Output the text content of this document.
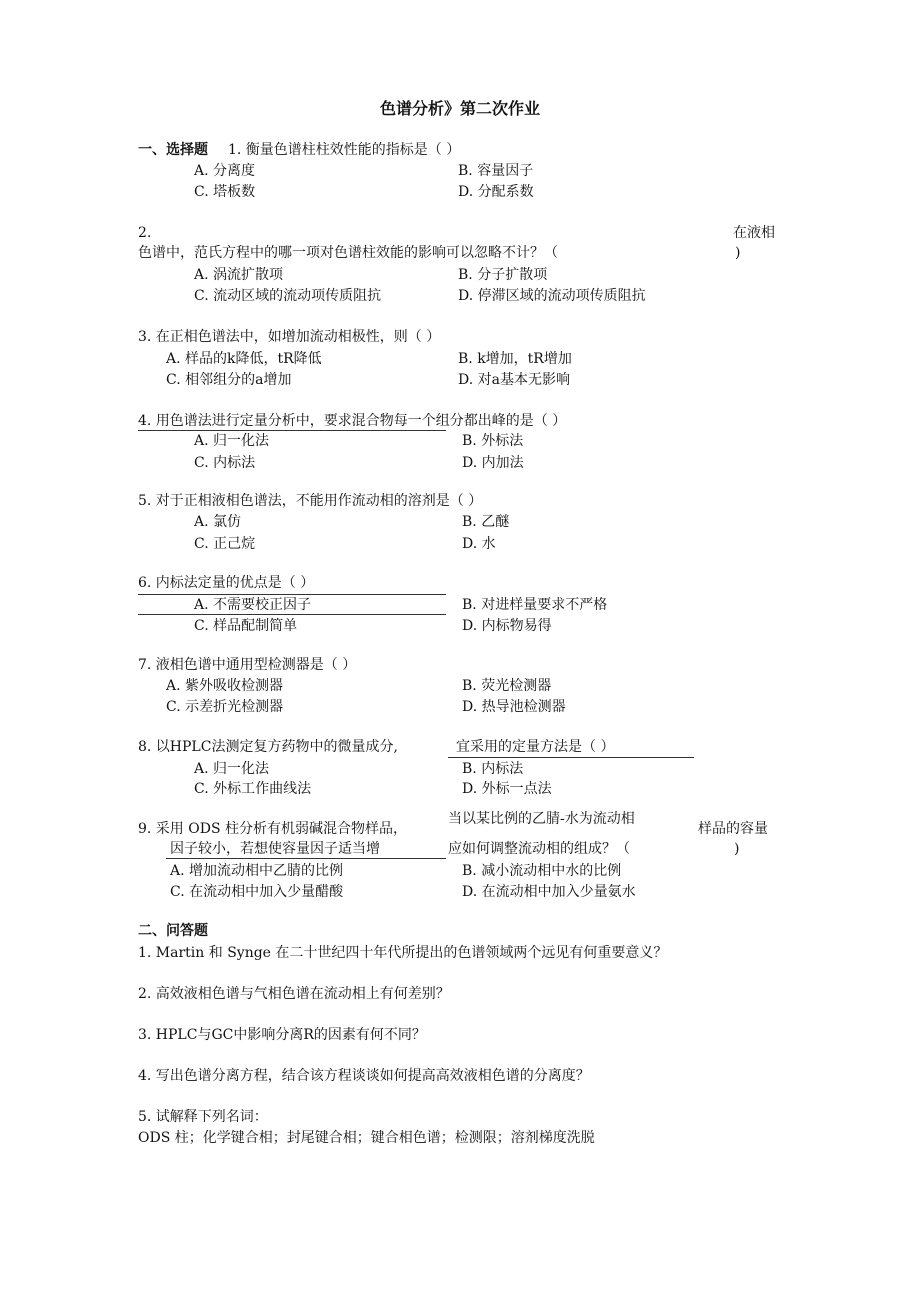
色谱分析》第二次作业
一、选择题 1. 衡量色谱柱柱效性能的指标是（ ）
A. 分离度	B. 容量因子
C. 塔板数	D. 分配系数
2.	在液相
色谱中，范氏方程中的哪一项对色谱柱效能的影响可以忽略不计？（	)
A. 涡流扩散项	B. 分子扩散项
C. 流动区域的流动项传质阻抗	D. 停滞区域的流动项传质阻抗
3. 在正相色谱法中，如增加流动相极性，则（ ）
A. 样品的k降低，tR降低	B. k增加，tR增加
C. 相邻组分的a增加	D. 对a基本无影响
4. 用色谱法进行定量分析中，要求混合物每一个组分都出峰的是（ ）
A. 归一化法	B. 外标法
C. 内标法	D. 内加法
5. 对于正相液相色谱法，不能用作流动相的溶剂是（ ）
A. 氯仿	B. 乙醚
C. 正己烷	D. 水
6. 内标法定量的优点是（ ）
A. 不需要校正因子	B. 对进样量要求不严格
C. 样品配制简单	D. 内标物易得
7. 液相色谱中通用型检测器是（ ）
A. 紫外吸收检测器	B. 荧光检测器
C. 示差折光检测器	D. 热导池检测器
8. 以HPLC法测定复方药物中的微量成分,	宜采用的定量方法是（ ）
A. 归一化法	B. 内标法
C. 外标工作曲线法	D. 外标一点法
当以某比例的乙腈-水为流动相
9. 采用 ODS 柱分析有机弱碱混合物样品，	样品的容量
因子较小，若想使容量因子适当增	应如何调整流动相的组成？（	)
A. 增加流动相中乙腈的比例	B. 减小流动相中水的比例
C. 在流动相中加入少量醋酸	D. 在流动相中加入少量氨水
二、问答题
1. Martin 和 Synge 在二十世纪四十年代所提出的色谱领域两个远见有何重要意义？
2. 高效液相色谱与气相色谱在流动相上有何差别？
3. HPLC与GC中影响分离R的因素有何不同？
4. 写出色谱分离方程，结合该方程谈谈如何提高高效液相色谱的分离度？
5. 试解释下列名词：
ODS 柱；化学键合相；封尾键合相；键合相色谱；检测限；溶剂梯度洗脱
